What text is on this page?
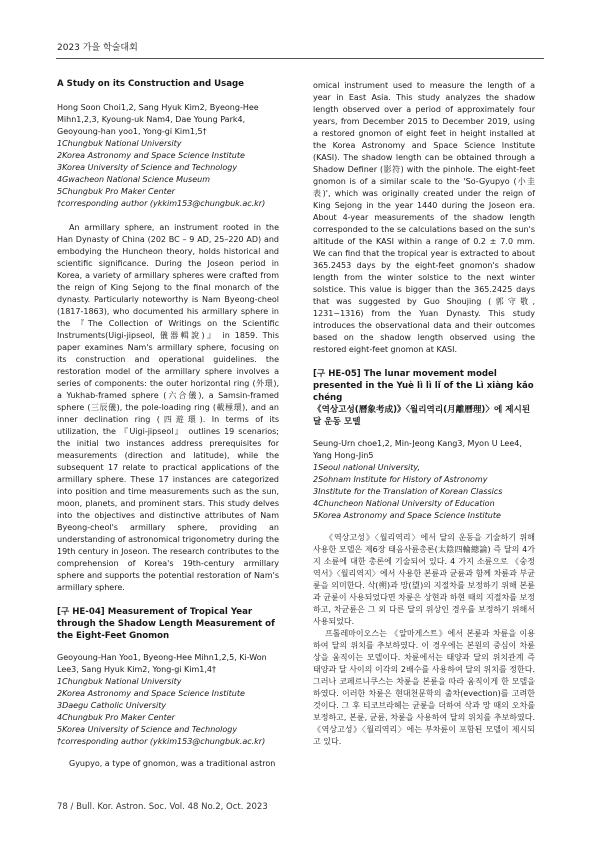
2023 가을 학술대회

A Study on its Construction and Usage

Hong Soon Choi1,2, Sang Hyuk Kim2, Byeong-Hee Mihn1,2,3, Kyoung-uk Nam4, Dae Young Park4, Geoyoung-han yoo1, Yong-gi Kim1,5†

1Chungbuk National University

2Korea Astronomy and Space Science Institute

3Korea University of Science and Technology

4Gwacheon National Science Museum

5Chungbuk Pro Maker Center

†corresponding author (ykkim153@chungbuk.ac.kr)

An armillary sphere, an instrument rooted in the Han Dynasty of China (202 BC – 9 AD, 25–220 AD) and embodying the Huncheon theory, holds historical and scientific significance. During the Joseon period in Korea, a variety of armillary spheres were crafted from the reign of King Sejong to the final monarch of the dynasty. Particularly noteworthy is Nam Byeong-cheol (1817-1863), who documented his armillary sphere in the 『The Collection of Writings on the Scientific Instruments(Uigi-jipseol, 儀器輯說)』 in 1859. This paper examines Nam's armillary sphere, focusing on its construction and operational guidelines. the restoration model of the armillary sphere involves a series of components: the outer horizontal ring (外環), a Yukhab-framed sphere (六合儀), a Samsin-framed sphere (三辰儀), the pole-loading ring (載極環), and an inner declination ring (四遊環). In terms of its utilization, the 『Uigi-jipseol』 outlines 19 scenarios; the initial two instances address prerequisites for measurements (direction and latitude), while the subsequent 17 relate to practical applications of the armillary sphere. These 17 instances are categorized into position and time measurements such as the sun, moon, planets, and prominent stars. This study delves into the objectives and distinctive attributes of Nam Byeong-cheol's armillary sphere, providing an understanding of astronomical trigonometry during the 19th century in Joseon. The research contributes to the comprehension of Korea's 19th-century armillary sphere and supports the potential restoration of Nam's armillary sphere.

[구 HE-04] Measurement of Tropical Year through the Shadow Length Measurement of the Eight-Feet Gnomon

Geoyoung-Han Yoo1, Byeong-Hee Mihn1,2,5, Ki-Won Lee3, Sang Hyuk Kim2, Yong-gi Kim1,4†

1Chungbuk National University

2Korea Astronomy and Space Science Institute

3Daegu Catholic University

4Chungbuk Pro Maker Center

5Korea University of Science and Technology

†corresponding author (ykkim153@chungbuk.ac.kr)

Gyupyo, a type of gnomon, was a traditional astron

omical instrument used to measure the length of a year in East Asia. This study analyzes the shadow length observed over a period of approximately four years, from December 2015 to December 2019, using a restored gnomon of eight feet in height installed at the Korea Astronomy and Space Science Institute (KASI). The shadow length can be obtained through a Shadow Definer (影符) with the pinhole. The eight-feet gnomon is of a similar scale to the 'So-Gyupyo (小圭表)', which was originally created under the reign of King Sejong in the year 1440 during the Joseon era. About 4-year measurements of the shadow length corresponded to the se calculations based on the sun's altitude of the KASI within a range of 0.2 ± 7.0 mm. We can find that the tropical year is extracted to about 365.2453 days by the eight-feet gnomon's shadow length from the winter solstice to the next winter solstice. This value is bigger than the 365.2425 days that was suggested by Guo Shoujing (郭守敬, 1231~1316) from the Yuan Dynasty. This study introduces the observational data and their outcomes based on the shadow length observed using the restored eight-feet gnomon at KASI.

[구 HE-05] The lunar movement model presented in the Yuè lì lì lǐ of the Lì xiàng kǎo chéng

《역상고성(曆象考成)》〈월리역리(月離曆理)〉에 제시된 달 운동 모델

Seung-Urn choe1,2, Min-Jeong Kang3, Myon U Lee4, Yang Hong-Jin5

1Seoul national University,

2Sohnam Institute for History of Astronomy

3Institute for the Translation of Korean Classics

4Chuncheon National University of Education

5Korea Astronomy and Space Science Institute

《역상고성》〈월리역리〉에서 달의 운동을 기술하기 위해 사용한 모델은 제6장 태음사륜총론(太陰四輪總論) 즉 달의 4가지 소륜에 대한 총론에 기술되어 있다. 4 가지 소륜으로 《숭정역서》〈월리역지〉에서 사용한 본륜과 균륜과 함께 차륜과 부균륜을 의미한다. 삭(朔)과 망(望)의 지절차를 보정하기 위해 본륜과 균륜이 사용되었다면 차륜은 상현과 하현 때의 지절차를 보정하고, 차균륜은 그 외 다른 달의 위상인 경우를 보정하기 위해서 사용되었다.

프톨레마이오스는 《알마게스트》에서 본륜과 차륜을 이용하여 달의 위치를 추보하였다. 이 경우에는 본원의 중심이 차륜 상을 움직이는 모델이다. 차륜에서는 태양과 달의 위치관계 즉 태양과 달 사이의 이각의 2배수를 사용하여 달의 위치를 정한다. 그러나 코페르니쿠스는 차륜을 본륜을 따라 움직이게 한 모델을 하였다. 이러한 차륜은 현대천문학의 출차(evection)를 고려한 것이다. 그 후 티코브라헤는 균륜을 더하여 삭과 망 때의 오차를 보정하고, 본륜, 균륜, 차륜을 사용하여 달의 위치를 추보하였다. 《역상고성》〈월리역리〉에는 부차륜이 포함된 모델이 제시되고 있다.

78 / Bull. Kor. Astron. Soc. Vol. 48 No.2, Oct. 2023
